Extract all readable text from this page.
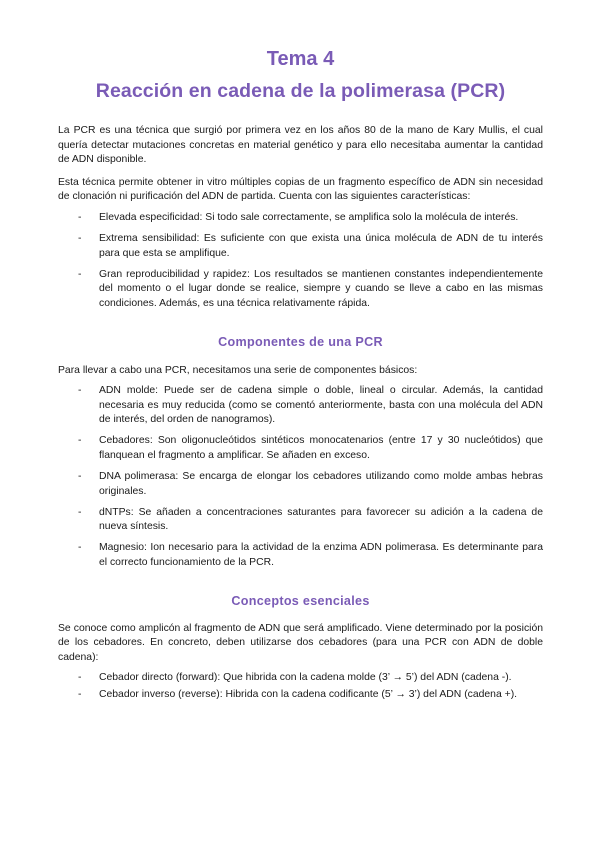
Tema 4
Reacción en cadena de la polimerasa (PCR)

La PCR es una técnica que surgió por primera vez en los años 80 de la mano de Kary Mullis, el cual quería detectar mutaciones concretas en material genético y para ello necesitaba aumentar la cantidad de ADN disponible.

Esta técnica permite obtener in vitro múltiples copias de un fragmento específico de ADN sin necesidad de clonación ni purificación del ADN de partida. Cuenta con las siguientes características:

- Elevada especificidad: Si todo sale correctamente, se amplifica solo la molécula de interés.
- Extrema sensibilidad: Es suficiente con que exista una única molécula de ADN de tu interés para que esta se amplifique.
- Gran reproducibilidad y rapidez: Los resultados se mantienen constantes independientemente del momento o el lugar donde se realice, siempre y cuando se lleve a cabo en las mismas condiciones. Además, es una técnica relativamente rápida.
Componentes de una PCR

Para llevar a cabo una PCR, necesitamos una serie de componentes básicos:

- ADN molde: Puede ser de cadena simple o doble, lineal o circular. Además, la cantidad necesaria es muy reducida (como se comentó anteriormente, basta con una molécula del ADN de interés, del orden de nanogramos).
- Cebadores: Son oligonucleótidos sintéticos monocatenarios (entre 17 y 30 nucleótidos) que flanquean el fragmento a amplificar. Se añaden en exceso.
- DNA polimerasa: Se encarga de elongar los cebadores utilizando como molde ambas hebras originales.
- dNTPs: Se añaden a concentraciones saturantes para favorecer su adición a la cadena de nueva síntesis.
- Magnesio: Ion necesario para la actividad de la enzima ADN polimerasa. Es determinante para el correcto funcionamiento de la PCR.
Conceptos esenciales

Se conoce como amplicón al fragmento de ADN que será amplificado. Viene determinado por la posición de los cebadores. En concreto, deben utilizarse dos cebadores (para una PCR con ADN de doble cadena):

- Cebador directo (forward): Que hibrida con la cadena molde (3’ → 5’) del ADN (cadena -).
- Cebador inverso (reverse): Hibrida con la cadena codificante (5’ → 3’) del ADN (cadena +).
